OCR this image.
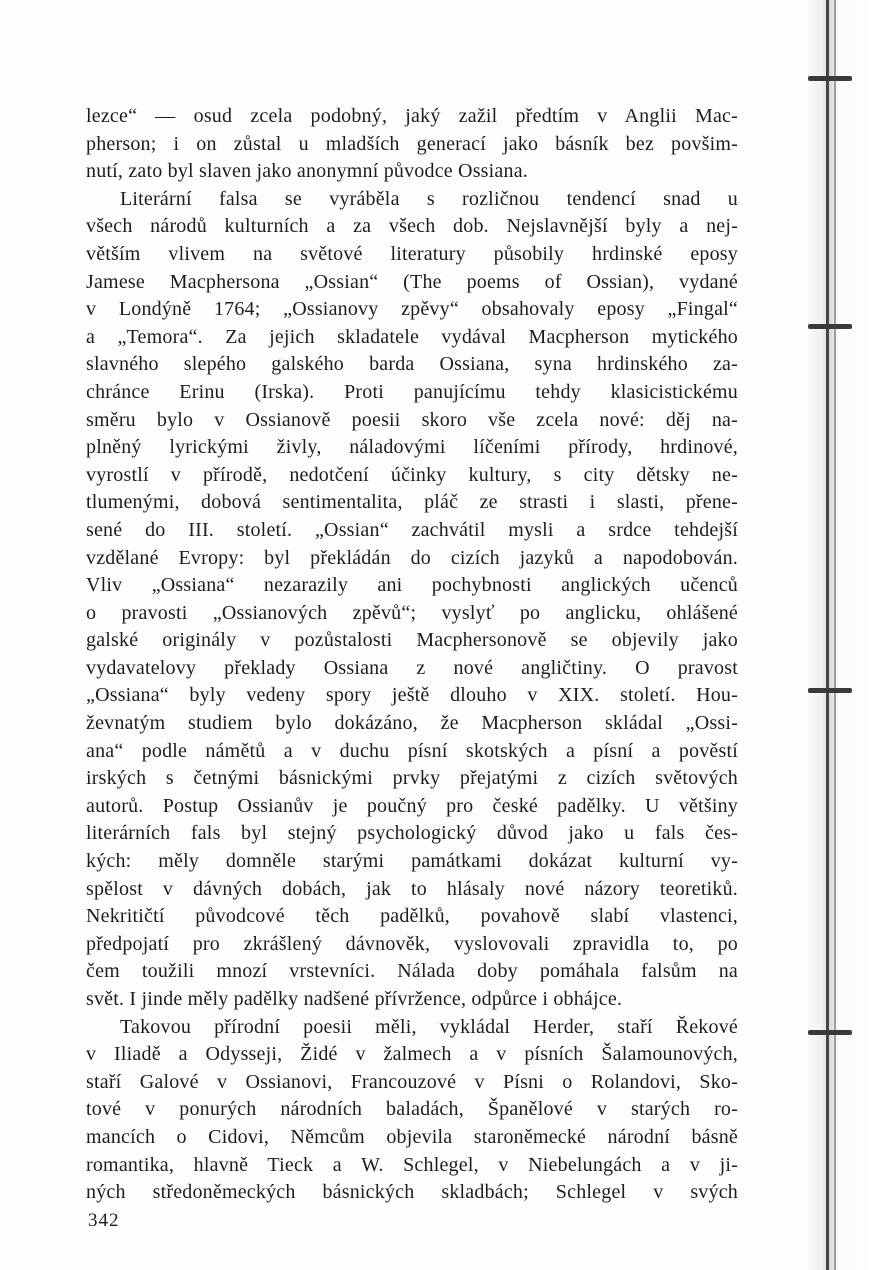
lezce“ — osud zcela podobný, jaký zažil předtím v Anglii Mac-
pherson; i on zůstal u mladších generací jako básník bez povšim-
nutí, zato byl slaven jako anonymní původce Ossiana.
Literární falsa se vyráběla s rozličnou tendencí snad u
všech národů kulturních a za všech dob. Nejslavnější byly a nej-
větším vlivem na světové literatury působily hrdinské eposy
Jamese Macphersona „Ossian“ (The poems of Ossian), vydané
v Londýně 1764; „Ossianovy zpěvy“ obsahovaly eposy „Fingal“
a „Temora“. Za jejich skladatele vydával Macpherson mytického
slavného slepého galského barda Ossiana, syna hrdinského za-
chránce Erinu (Irska). Proti panujícímu tehdy klasicistickému
směru bylo v Ossianově poesii skoro vše zcela nové: děj na-
plněný lyrickými živly, náladovými líčeními přírody, hrdinové,
vyrostlí v přírodě, nedotčení účinky kultury, s city dětsky ne-
tlumenými, dobová sentimentalita, pláč ze strasti i slasti, přene-
sené do III. století. „Ossian“ zachvátil mysli a srdce tehdejší
vzdělané Evropy: byl překládán do cizích jazyků a napodobován.
Vliv „Ossiana“ nezarazily ani pochybnosti anglických učenců
o pravosti „Ossianových zpěvů“; vyslyť po anglicku, ohlášené
galské originály v pozůstalosti Macphersonově se objevily jako
vydavatelovy překlady Ossiana z nové angličtiny. O pravost
„Ossiana“ byly vedeny spory ještě dlouho v XIX. století. Hou-
ževnatým studiem bylo dokázáno, že Macpherson skládal „Ossi-
ana“ podle námětů a v duchu písní skotských a písní a pověstí
irských s četnými básnickými prvky přejatými z cizích světových
autorů. Postup Ossianův je poučný pro české padělky. U většiny
literárních fals byl stejný psychologický důvod jako u fals čes-
kých: měly domněle starými památkami dokázat kulturní vy-
spělost v dávných dobách, jak to hlásaly nové názory teoretiků.
Nekritičtí původcové těch padělků, povahově slabí vlastenci,
předpojatí pro zkrášlený dávnověk, vyslovovali zpravidla to, po
čem toužili mnozí vrstevníci. Nálada doby pomáhala falsům na
svět. I jinde měly padělky nadšené přívržence, odpůrce i obhájce.
Takovou přírodní poesii měli, vykládal Herder, staří Řekové
v Iliadě a Odysseji, Židé v žalmech a v písních Šalamounových,
staří Galové v Ossianovi, Francouzové v Písni o Rolandovi, Sko-
tové v ponurých národních baladách, Španělové v starých ro-
mancích o Cidovi, Němcům objevila staroněmecké národní básně
romantika, hlavně Tieck a W. Schlegel, v Niebelungách a v ji-
ných středoněmeckých básnických skladbách; Schlegel v svých
342
